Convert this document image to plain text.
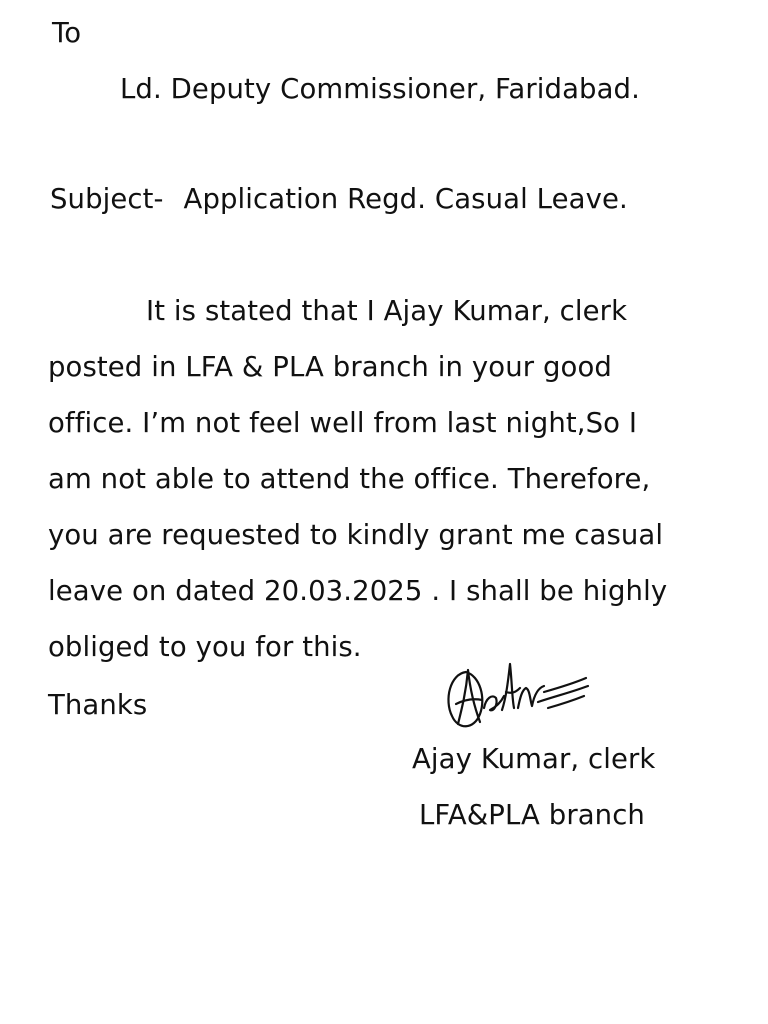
To
Ld. Deputy Commissioner, Faridabad.
Subject- Application Regd. Casual Leave.
It is stated that I Ajay Kumar, clerk
posted in LFA & PLA branch in your good
office. I’m not feel well from last night,So I
am not able to attend the office. Therefore,
you are requested to kindly grant me casual
leave on dated 20.03.2025 . I shall be highly
obliged to you for this.
Thanks
Ajay Kumar, clerk
LFA&PLA branch
